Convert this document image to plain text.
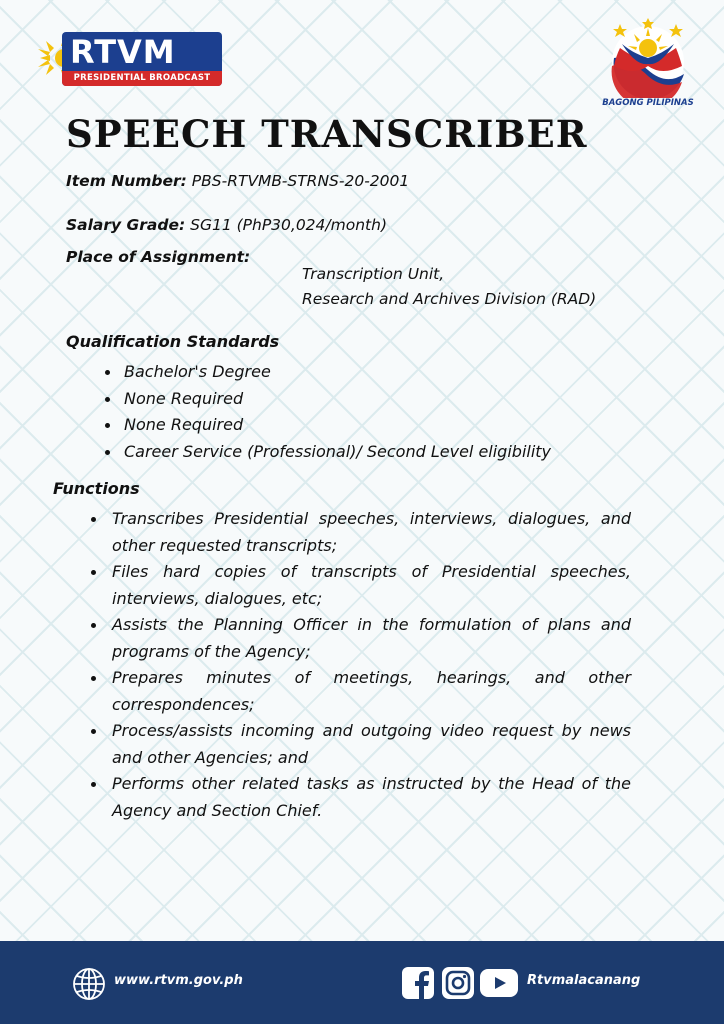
RTVM
PRESIDENTIAL BROADCAST
BAGONG PILIPINAS
SPEECH TRANSCRIBER
Item Number: PBS-RTVMB-STRNS-20-2001
Salary Grade: SG11 (PhP30,024/month)
Place of Assignment:
Transcription Unit,
Research and Archives Division (RAD)
Qualification Standards
Bachelor's Degree
None Required
None Required
Career Service (Professional)/ Second Level eligibility
Functions
Transcribes Presidential speeches, interviews, dialogues, and other requested transcripts;
Files hard copies of transcripts of Presidential speeches, interviews, dialogues, etc;
Assists the Planning Officer in the formulation of plans and programs of the Agency;
Prepares minutes of meetings, hearings, and other correspondences;
Process/assists incoming and outgoing video request by news and other Agencies; and
Performs other related tasks as instructed by the Head of the Agency and Section Chief.
www.rtvm.gov.ph	Rtvmalacanang
